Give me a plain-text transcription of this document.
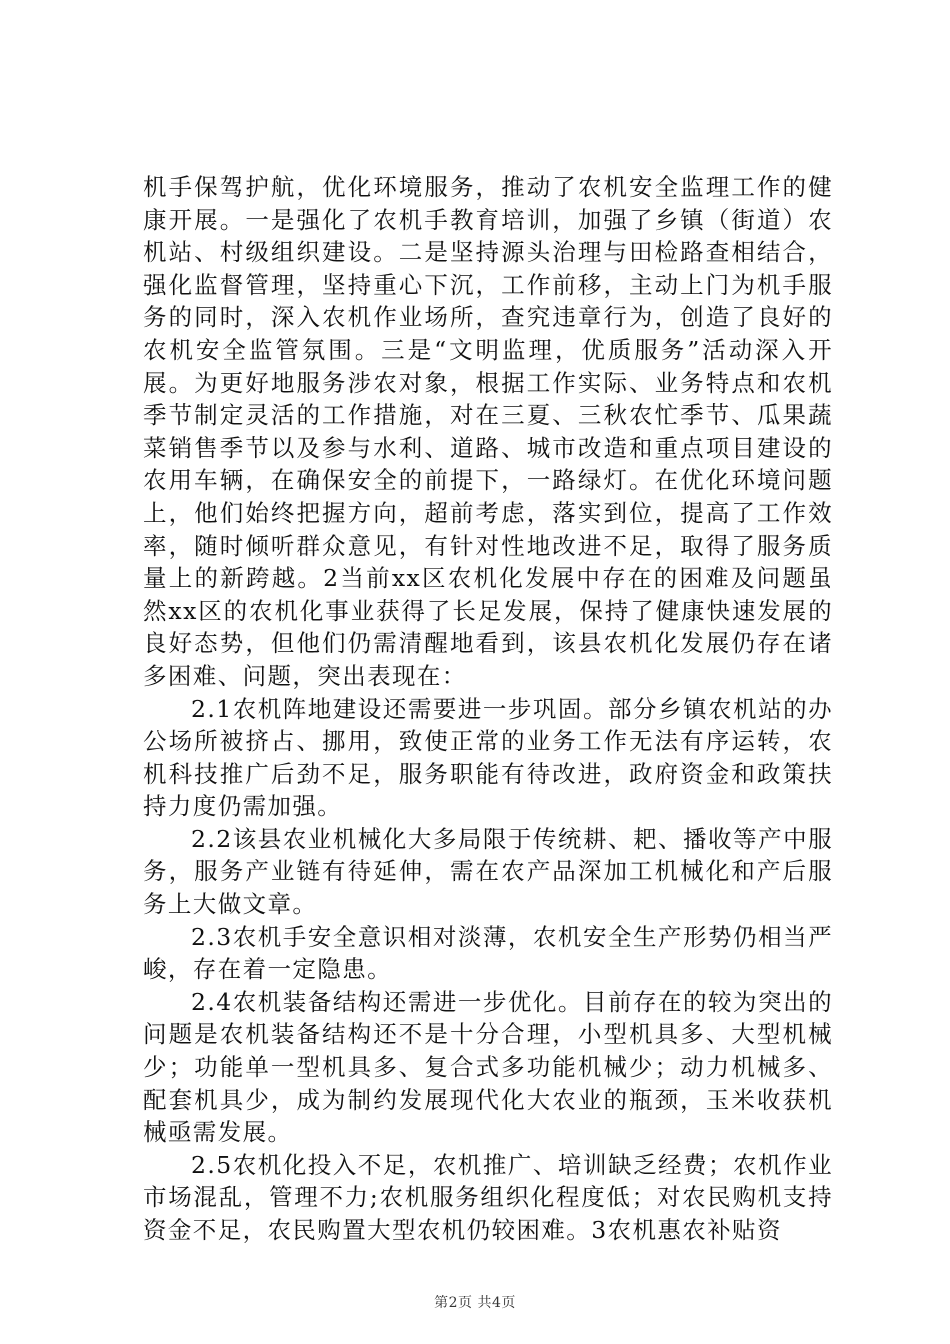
机手保驾护航，优化环境服务，推动了农机安全监理工作的健康开展。一是强化了农机手教育培训，加强了乡镇（街道）农机站、村级组织建设。二是坚持源头治理与田检路查相结合，强化监督管理，坚持重心下沉，工作前移，主动上门为机手服务的同时，深入农机作业场所，查究违章行为，创造了良好的农机安全监管氛围。三是“文明监理，优质服务”活动深入开展。为更好地服务涉农对象，根据工作实际、业务特点和农机季节制定灵活的工作措施，对在三夏、三秋农忙季节、瓜果蔬菜销售季节以及参与水利、道路、城市改造和重点项目建设的农用车辆，在确保安全的前提下，一路绿灯。在优化环境问题上，他们始终把握方向，超前考虑，落实到位，提高了工作效率，随时倾听群众意见，有针对性地改进不足，取得了服务质量上的新跨越。2当前xx区农机化发展中存在的困难及问题虽然xx区的农机化事业获得了长足发展，保持了健康快速发展的良好态势，但他们仍需清醒地看到，该县农机化发展仍存在诸多困难、问题，突出表现在：

2.1农机阵地建设还需要进一步巩固。部分乡镇农机站的办公场所被挤占、挪用，致使正常的业务工作无法有序运转，农机科技推广后劲不足，服务职能有待改进，政府资金和政策扶持力度仍需加强。

2.2该县农业机械化大多局限于传统耕、耙、播收等产中服务，服务产业链有待延伸，需在农产品深加工机械化和产后服务上大做文章。

2.3农机手安全意识相对淡薄，农机安全生产形势仍相当严峻，存在着一定隐患。

2.4农机装备结构还需进一步优化。目前存在的较为突出的问题是农机装备结构还不是十分合理，小型机具多、大型机械少；功能单一型机具多、复合式多功能机械少；动力机械多、配套机具少，成为制约发展现代化大农业的瓶颈，玉米收获机械亟需发展。

2.5农机化投入不足，农机推广、培训缺乏经费；农机作业市场混乱，管理不力;农机服务组织化程度低；对农民购机支持资金不足，农民购置大型农机仍较困难。3农机惠农补贴资

第2页 共4页
